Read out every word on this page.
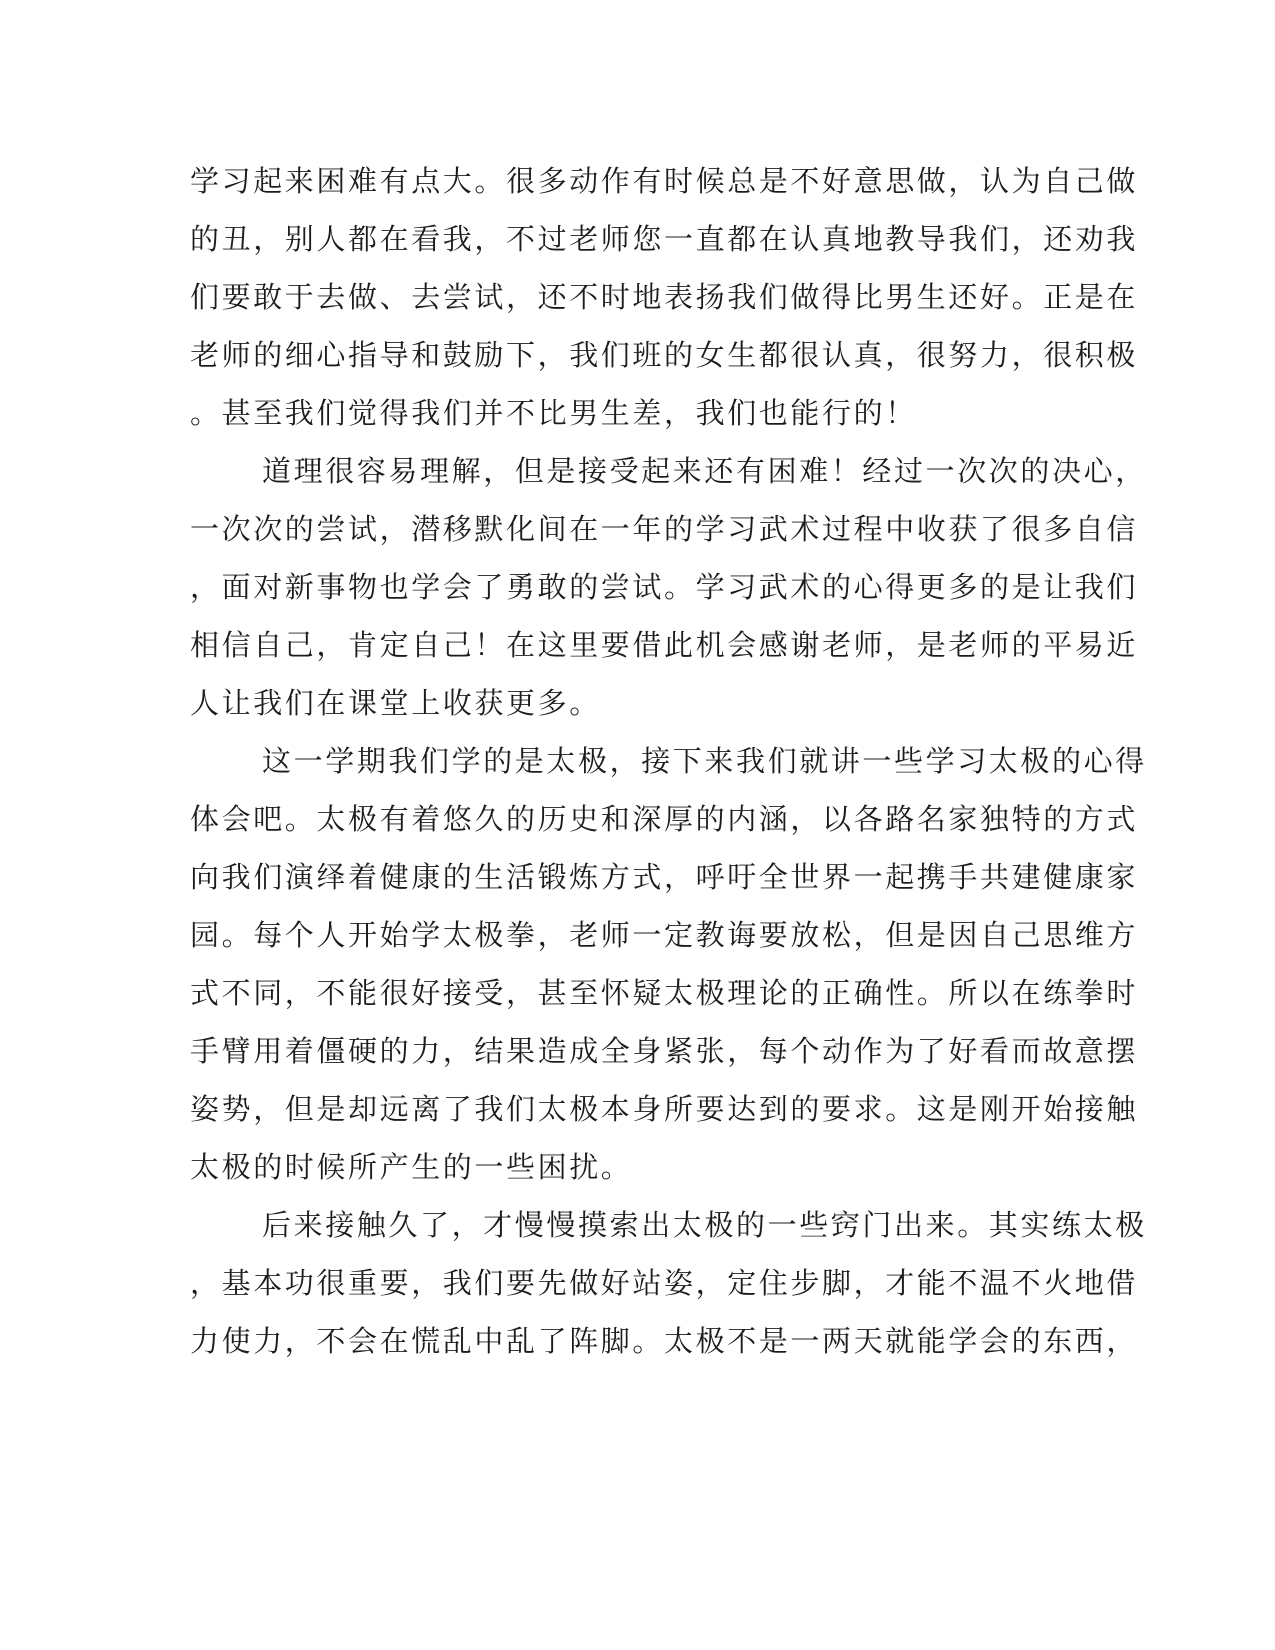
学习起来困难有点大。很多动作有时候总是不好意思做，认为自己做
的丑，别人都在看我，不过老师您一直都在认真地教导我们，还劝我
们要敢于去做、去尝试，还不时地表扬我们做得比男生还好。正是在
老师的细心指导和鼓励下，我们班的女生都很认真，很努力，很积极
。甚至我们觉得我们并不比男生差，我们也能行的！
道理很容易理解，但是接受起来还有困难！经过一次次的决心，
一次次的尝试，潜移默化间在一年的学习武术过程中收获了很多自信
，面对新事物也学会了勇敢的尝试。学习武术的心得更多的是让我们
相信自己，肯定自己！在这里要借此机会感谢老师，是老师的平易近
人让我们在课堂上收获更多。
这一学期我们学的是太极，接下来我们就讲一些学习太极的心得
体会吧。太极有着悠久的历史和深厚的内涵，以各路名家独特的方式
向我们演绎着健康的生活锻炼方式，呼吁全世界一起携手共建健康家
园。每个人开始学太极拳，老师一定教诲要放松，但是因自己思维方
式不同，不能很好接受，甚至怀疑太极理论的正确性。所以在练拳时
手臂用着僵硬的力，结果造成全身紧张，每个动作为了好看而故意摆
姿势，但是却远离了我们太极本身所要达到的要求。这是刚开始接触
太极的时候所产生的一些困扰。
后来接触久了，才慢慢摸索出太极的一些窍门出来。其实练太极
，基本功很重要，我们要先做好站姿，定住步脚，才能不温不火地借
力使力，不会在慌乱中乱了阵脚。太极不是一两天就能学会的东西，
